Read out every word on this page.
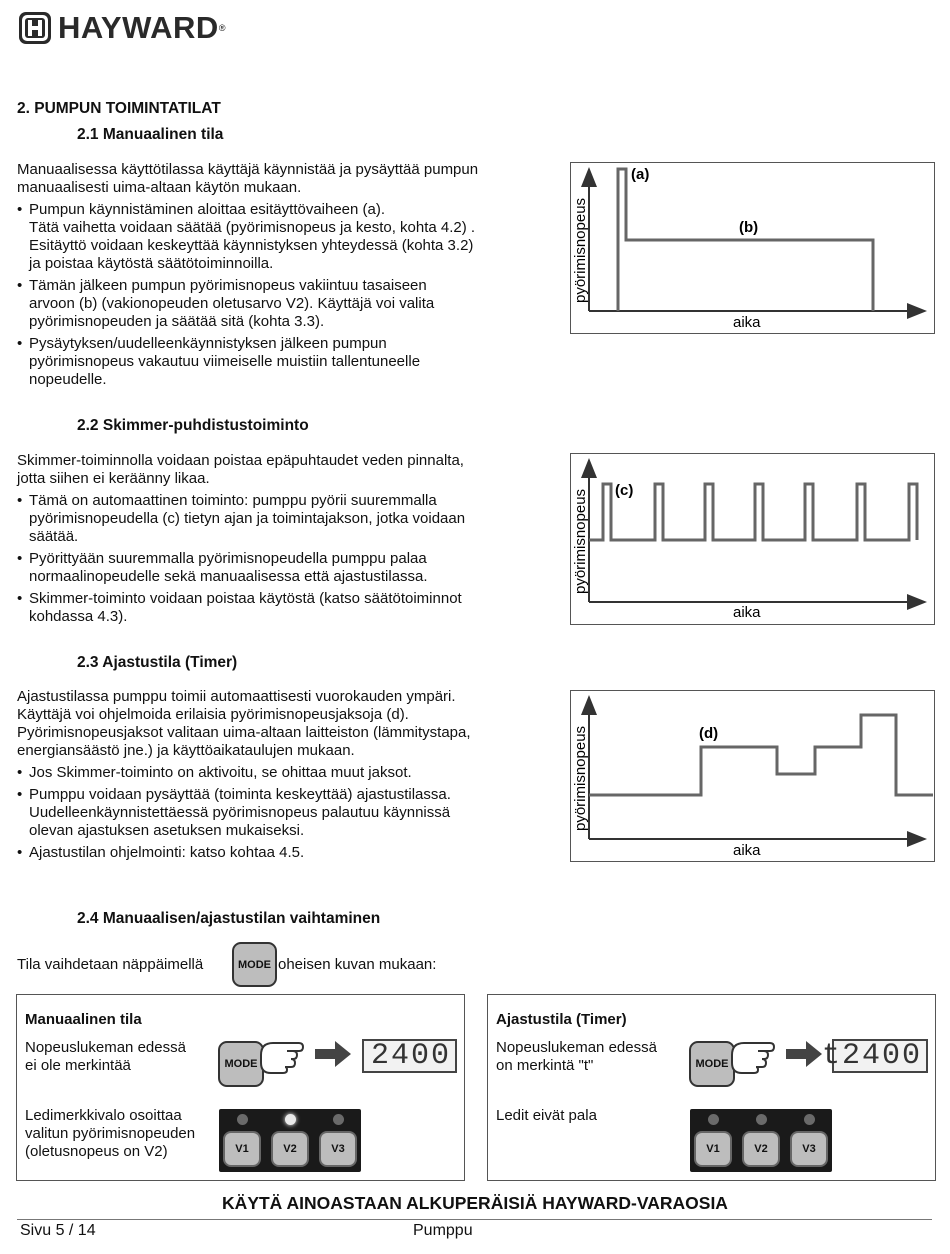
HAYWARD ®
2. PUMPUN TOIMINTATILAT
2.1 Manuaalinen tila

Manuaalisessa käyttötilassa käyttäjä käynnistää ja pysäyttää pumpun
manuaalisesti uima-altaan käytön mukaan.

• Pumpun käynnistäminen aloittaa esitäyttövaiheen (a).
Tätä vaihetta voidaan säätää (pyörimisnopeus ja kesto, kohta 4.2) .
Esitäyttö voidaan keskeyttää käynnistyksen yhteydessä (kohta 3.2)
ja poistaa käytöstä säätötoiminnoilla.
• Tämän jälkeen pumpun pyörimisnopeus vakiintuu tasaiseen
arvoon (b) (vakionopeuden oletusarvo V2). Käyttäjä voi valita
pyörimisnopeuden ja säätää sitä (kohta 3.3).
• Pysäytyksen/uudelleenkäynnistyksen jälkeen pumpun
pyörimisnopeus vakautuu viimeiselle muistiin tallentuneelle
nopeudelle.
(a)
(b)
aika
pyörimisnopeus
2.2 Skimmer-puhdistustoiminto

Skimmer-toiminnolla voidaan poistaa epäpuhtaudet veden pinnalta,
jotta siihen ei keräänny likaa.

• Tämä on automaattinen toiminto: pumppu pyörii suuremmalla
pyörimisnopeudella (c) tietyn ajan ja toimintajakson, jotka voidaan
säätää.
• Pyörittyään suuremmalla pyörimisnopeudella pumppu palaa
normaalinopeudelle sekä manuaalisessa että ajastustilassa.
• Skimmer-toiminto voidaan poistaa käytöstä (katso säätötoiminnot
kohdassa 4.3).
(c)
aika
pyörimisnopeus
2.3 Ajastustila (Timer)

Ajastustilassa pumppu toimii automaattisesti vuorokauden ympäri.
Käyttäjä voi ohjelmoida erilaisia pyörimisnopeusjaksoja (d).
Pyörimisnopeusjaksot valitaan uima-altaan laitteiston (lämmitystapa,
energiansäästö jne.) ja käyttöaikataulujen mukaan.

• Jos Skimmer-toiminto on aktivoitu, se ohittaa muut jaksot.
• Pumppu voidaan pysäyttää (toiminta keskeyttää) ajastustilassa.
Uudelleenkäynnistettäessä pyörimisnopeus palautuu käynnissä
olevan ajastuksen asetuksen mukaiseksi.
• Ajastustilan ohjelmointi: katso kohtaa 4.5.
(d)
aika
pyörimisnopeus
2.4 Manuaalisen/ajastustilan vaihtaminen
Tila vaihdetaan näppäimellä	MODE oheisen kuvan mukaan:
Manuaalinen tila
Nopeuslukeman edessä
ei ole merkintää	MODE	2400
Ledimerkkivalo osoittaa
valitun pyörimisnopeuden
(oletusnopeus on V2)	V1	V2	V3
Ajastustila (Timer)
Nopeuslukeman edessä
on merkintä "t"	MODE	t2400
Ledit eivät pala
V1	V2	V3
KÄYTÄ AINOASTAAN ALKUPERÄISIÄ HAYWARD-VARAOSIA
Sivu 5 / 14	Pumppu
